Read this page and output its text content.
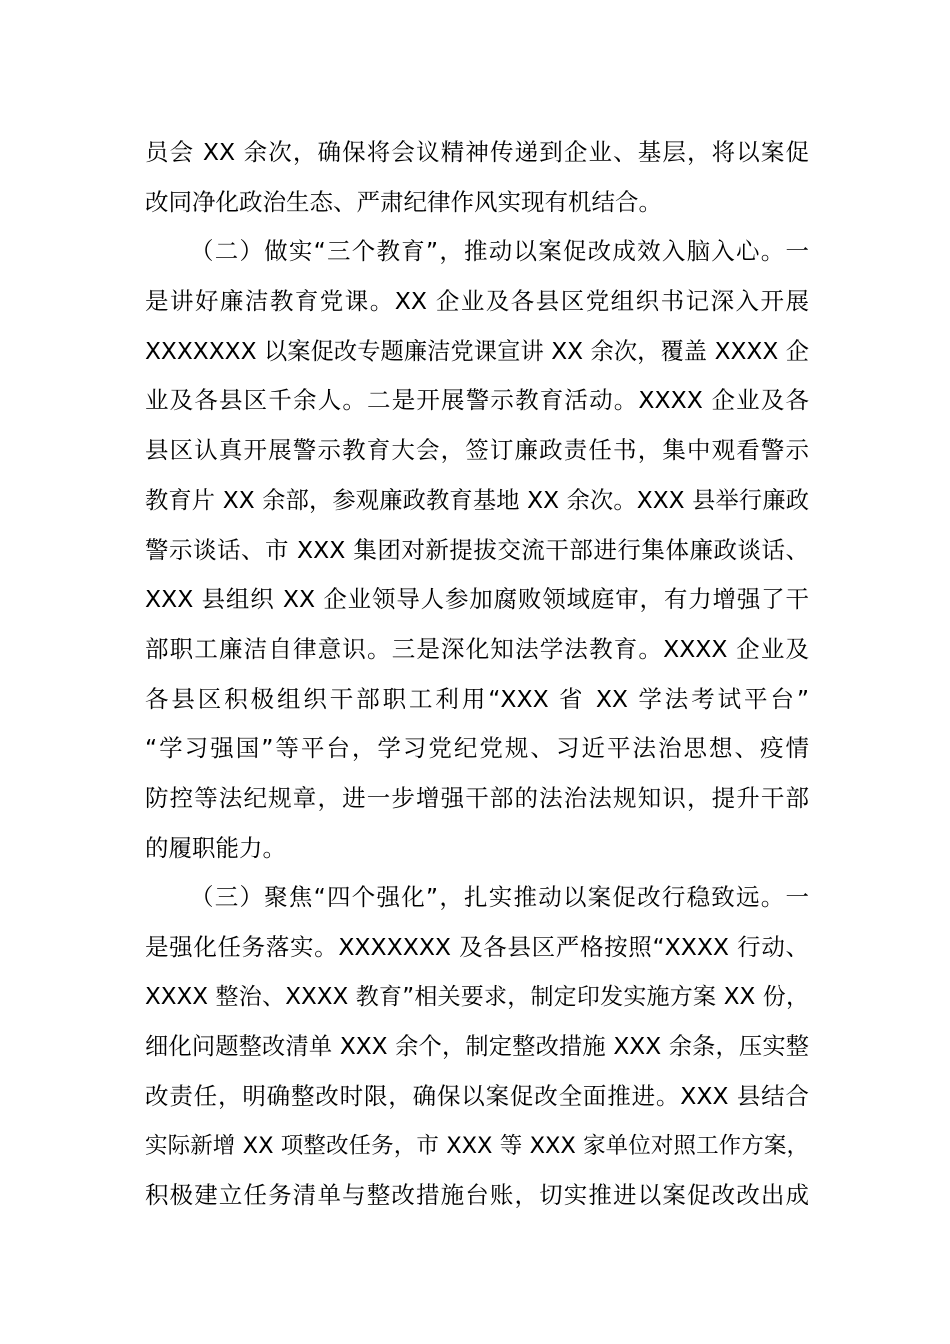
员会 XX 余次，确保将会议精神传递到企业、基层，将以案促
改同净化政治生态、严肃纪律作风实现有机结合。
（二）做实“三个教育”，推动以案促改成效入脑入心。一
是讲好廉洁教育党课。XX 企业及各县区党组织书记深入开展
XXXXXXX 以案促改专题廉洁党课宣讲 XX 余次，覆盖 XXXX 企
业及各县区千余人。二是开展警示教育活动。XXXX 企业及各
县区认真开展警示教育大会，签订廉政责任书，集中观看警示
教育片 XX 余部，参观廉政教育基地 XX 余次。XXX 县举行廉政
警示谈话、市 XXX 集团对新提拔交流干部进行集体廉政谈话、
XXX 县组织 XX 企业领导人参加腐败领域庭审，有力增强了干
部职工廉洁自律意识。三是深化知法学法教育。XXXX 企业及
各县区积极组织干部职工利用“XXX 省 XX 学法考试平台”
“学习强国”等平台，学习党纪党规、习近平法治思想、疫情
防控等法纪规章，进一步增强干部的法治法规知识，提升干部
的履职能力。
（三）聚焦“四个强化”，扎实推动以案促改行稳致远。一
是强化任务落实。XXXXXXX 及各县区严格按照“XXXX 行动、
XXXX 整治、XXXX 教育”相关要求，制定印发实施方案 XX 份，
细化问题整改清单 XXX 余个，制定整改措施 XXX 余条，压实整
改责任，明确整改时限，确保以案促改全面推进。XXX 县结合
实际新增 XX 项整改任务，市 XXX 等 XXX 家单位对照工作方案，
积极建立任务清单与整改措施台账，切实推进以案促改改出成
